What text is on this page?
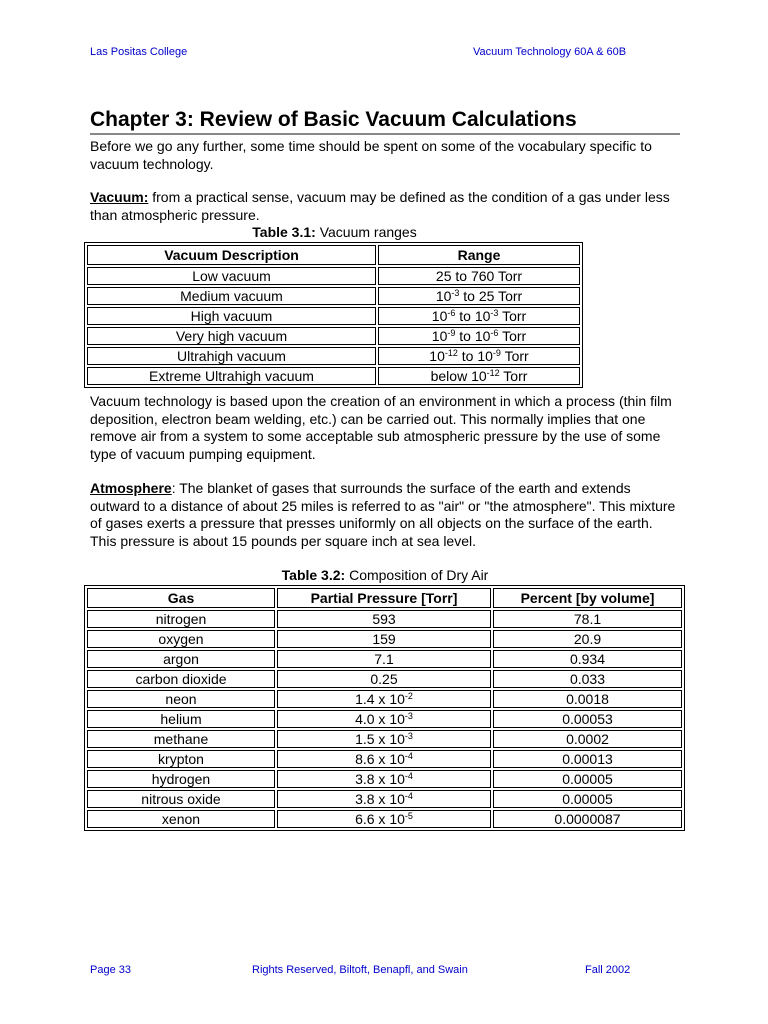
Las Positas College	Vacuum Technology 60A & 60B
Chapter 3: Review of Basic Vacuum Calculations
Before we go any further, some time should be spent on some of the vocabulary specific to vacuum technology.
Vacuum: from a practical sense, vacuum may be defined as the condition of a gas under less than atmospheric pressure.
Table 3.1: Vacuum ranges
Vacuum Description	Range
Low vacuum	25 to 760 Torr
Medium vacuum	$10^{-3}$ to 25 Torr
High vacuum	$10^{-6}$ to $10^{-3}$ Torr
Very high vacuum	$10^{-9}$ to $10^{-6}$ Torr
Ultrahigh vacuum	$10^{-12}$ to $10^{-9}$ Torr
Extreme Ultrahigh vacuum	below $10^{-12}$ Torr
Vacuum technology is based upon the creation of an environment in which a process (thin film deposition, electron beam welding, etc.) can be carried out. This normally implies that one remove air from a system to some acceptable sub atmospheric pressure by the use of some type of vacuum pumping equipment.
Atmosphere: The blanket of gases that surrounds the surface of the earth and extends outward to a distance of about 25 miles is referred to as "air" or "the atmosphere". This mixture of gases exerts a pressure that presses uniformly on all objects on the surface of the earth. This pressure is about 15 pounds per square inch at sea level.
Table 3.2: Composition of Dry Air
Gas	Partial Pressure [Torr]	Percent [by volume]
nitrogen	593	78.1
oxygen	159	20.9
argon	7.1	0.934
carbon dioxide	0.25	0.033
neon	1.4 x $10^{-2}$	0.0018
helium	4.0 x $10^{-3}$	0.00053
methane	1.5 x $10^{-3}$	0.0002
krypton	8.6 x $10^{-4}$	0.00013
hydrogen	3.8 x $10^{-4}$	0.00005
nitrous oxide	3.8 x $10^{-4}$	0.00005
xenon	6.6 x $10^{-5}$	0.0000087
Page 33	Rights Reserved, Biltoft, Benapfl, and Swain	Fall 2002
